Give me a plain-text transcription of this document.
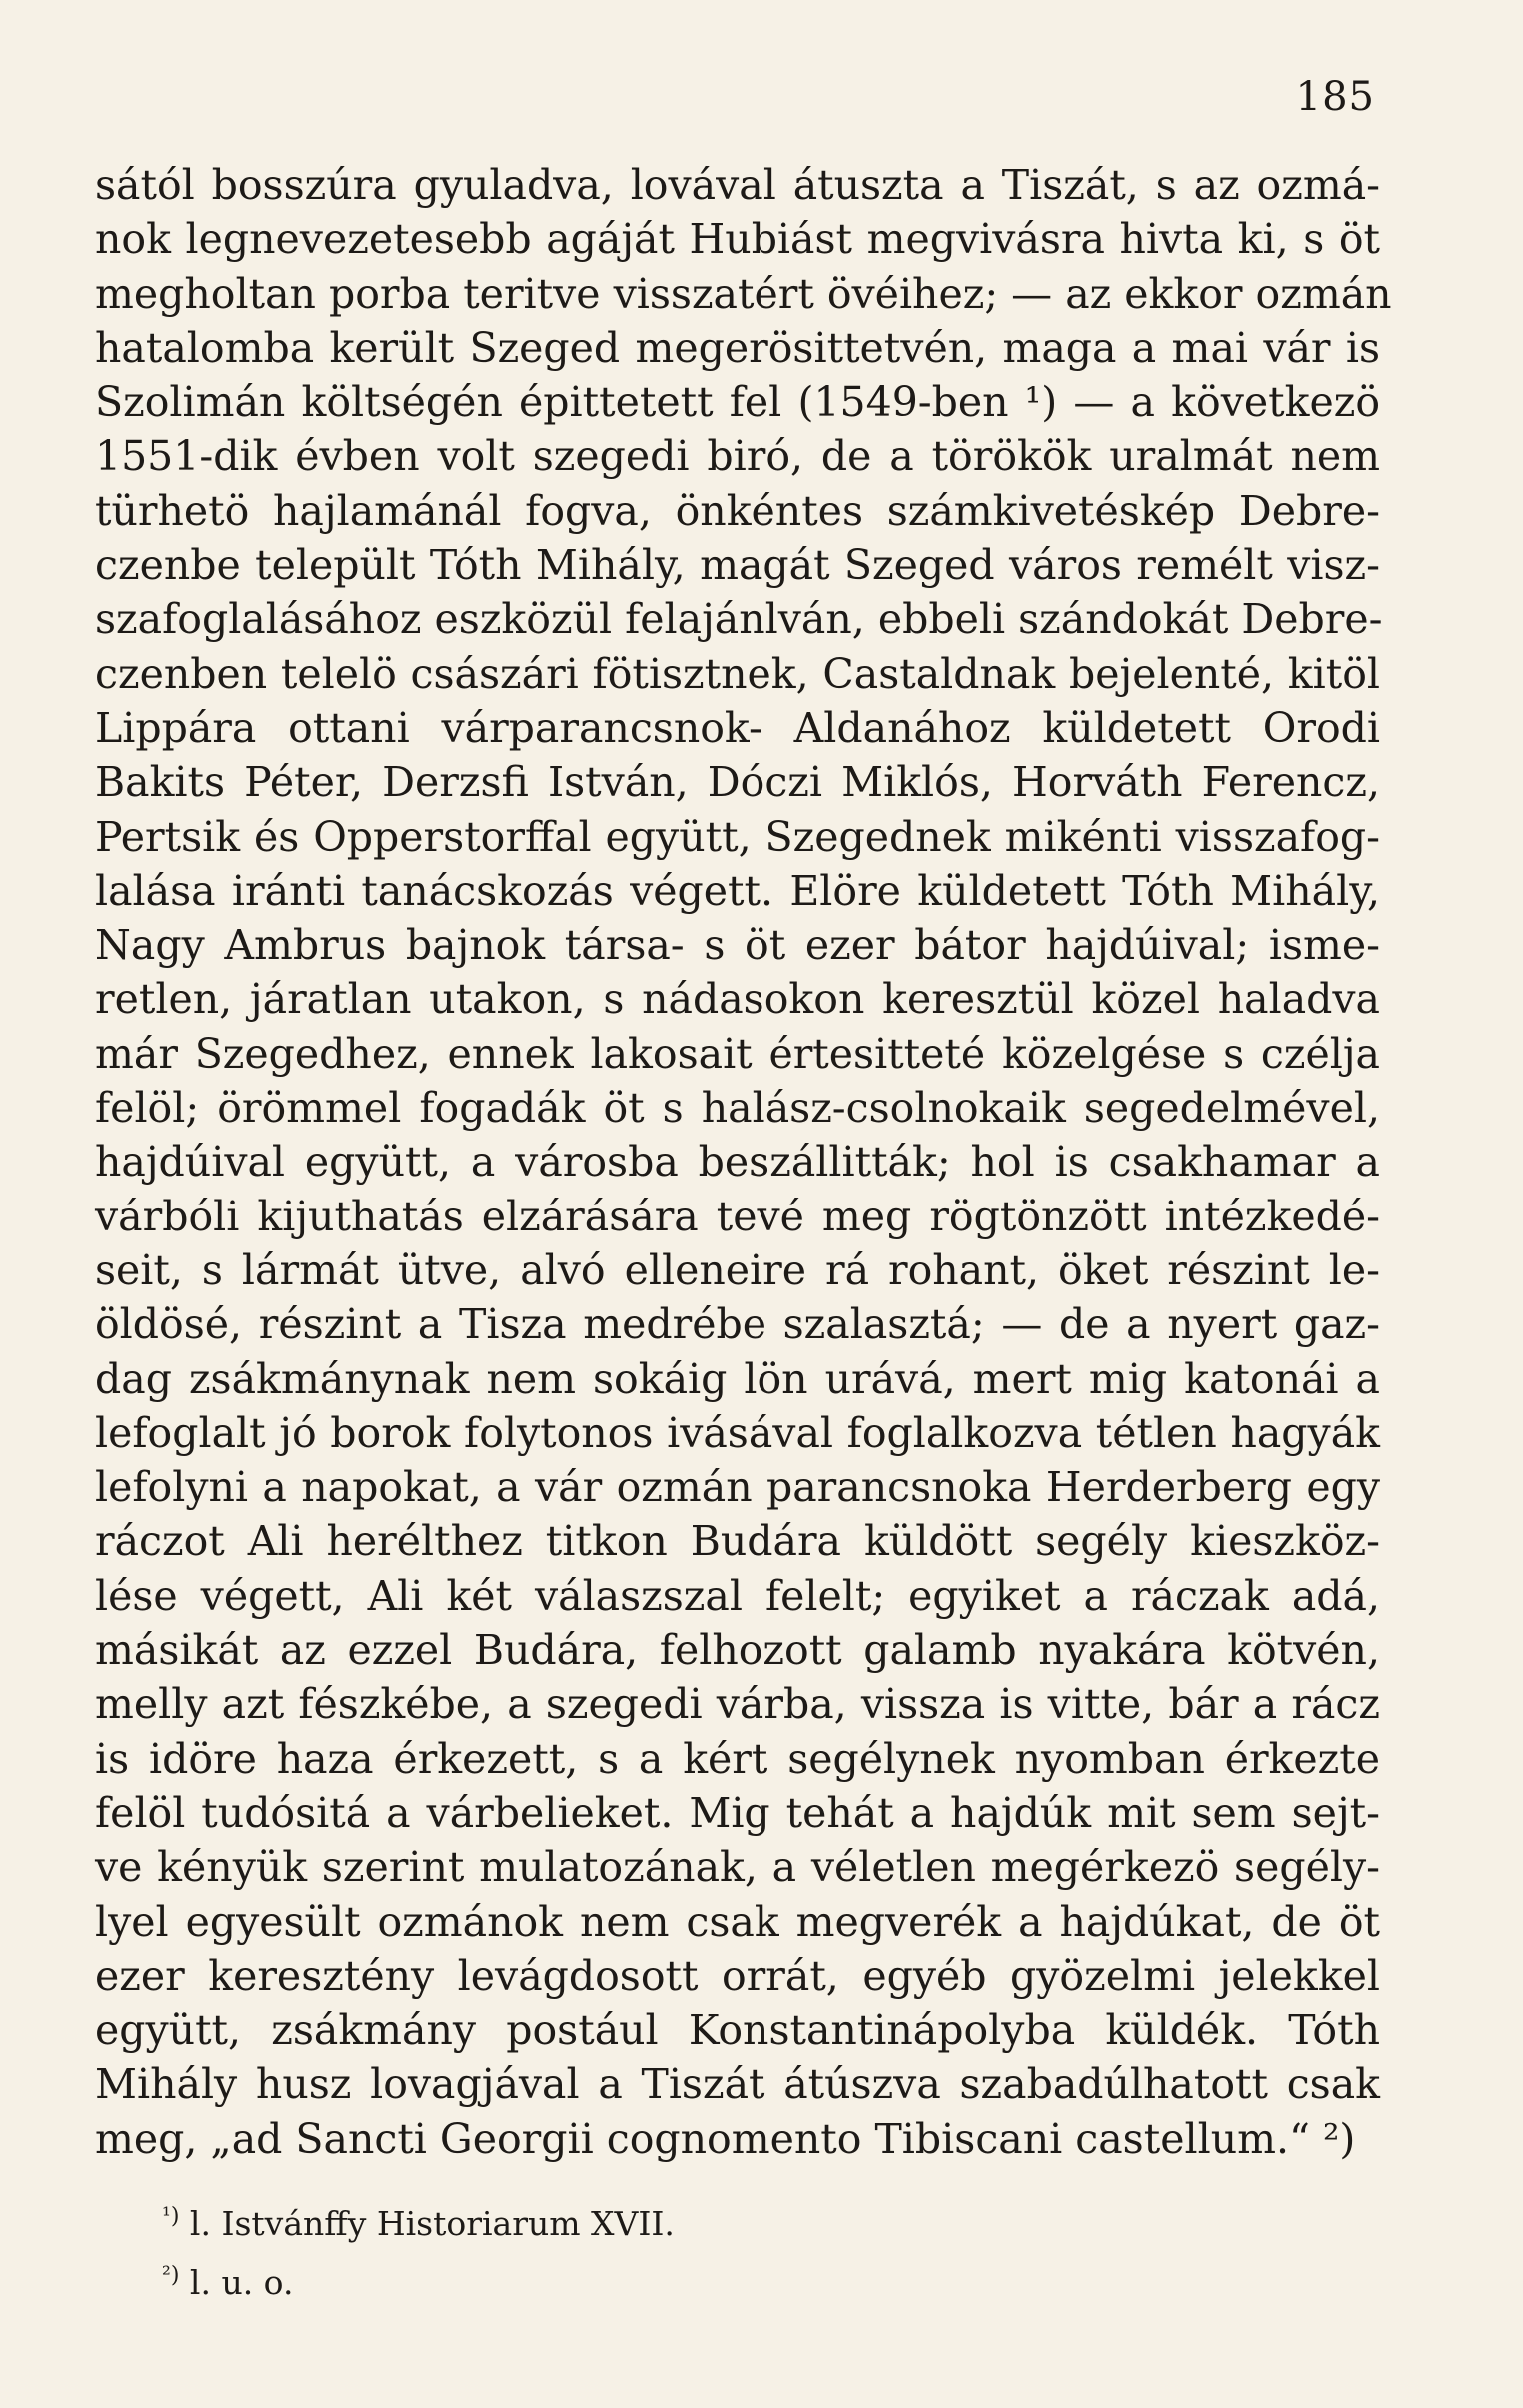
185
sától bosszúra gyuladva, lovával átuszta a Tiszát, s az ozmá-
nok legnevezetesebb agáját Hubiást megvivásra hivta ki, s öt
megholtan porba teritve visszatért övéihez; — az ekkor ozmán
hatalomba került Szeged megerösittetvén, maga a mai vár is
Szolimán költségén épittetett fel (1549-ben ¹) — a következö
1551-dik évben volt szegedi biró, de a törökök uralmát nem
türhetö hajlamánál fogva, önkéntes számkivetéskép Debre-
czenbe települt Tóth Mihály, magát Szeged város remélt visz-
szafoglalásához eszközül felajánlván, ebbeli szándokát Debre-
czenben telelö császári fötisztnek, Castaldnak bejelenté, kitöl
Lippára ottani várparancsnok- Aldanához küldetett Orodi
Bakits Péter, Derzsfi István, Dóczi Miklós, Horváth Ferencz,
Pertsik és Opperstorffal együtt, Szegednek mikénti visszafog-
lalása iránti tanácskozás végett. Elöre küldetett Tóth Mihály,
Nagy Ambrus bajnok társa- s öt ezer bátor hajdúival; isme-
retlen, járatlan utakon, s nádasokon keresztül közel haladva
már Szegedhez, ennek lakosait értesitteté közelgése s czélja
felöl; örömmel fogadák öt s halász-csolnokaik segedelmével,
hajdúival együtt, a városba beszállitták; hol is csakhamar a
várbóli kijuthatás elzárására tevé meg rögtönzött intézkedé-
seit, s lármát ütve, alvó elleneire rá rohant, öket részint le-
öldösé, részint a Tisza medrébe szalasztá; — de a nyert gaz-
dag zsákmánynak nem sokáig lön urává, mert mig katonái a
lefoglalt jó borok folytonos ivásával foglalkozva tétlen hagyák
lefolyni a napokat, a vár ozmán parancsnoka Herderberg egy
ráczot Ali herélthez titkon Budára küldött segély kieszköz-
lése végett, Ali két válaszszal felelt; egyiket a ráczak adá,
másikát az ezzel Budára, felhozott galamb nyakára kötvén,
melly azt fészkébe, a szegedi várba, vissza is vitte, bár a rácz
is idöre haza érkezett, s a kért segélynek nyomban érkezte
felöl tudósitá a várbelieket. Mig tehát a hajdúk mit sem sejt-
ve kényük szerint mulatozának, a véletlen megérkezö segély-
lyel egyesült ozmánok nem csak megverék a hajdúkat, de öt
ezer keresztény levágdosott orrát, egyéb gyözelmi jelekkel
együtt, zsákmány postául Konstantinápolyba küldék. Tóth
Mihály husz lovagjával a Tiszát átúszva szabadúlhatott csak
meg, „ad Sancti Georgii cognomento Tibiscani castellum.“ ²)
$^{^1)}$ l. Istvánffy Historiarum XVII.
$^{^2)}$ l. u. o.
